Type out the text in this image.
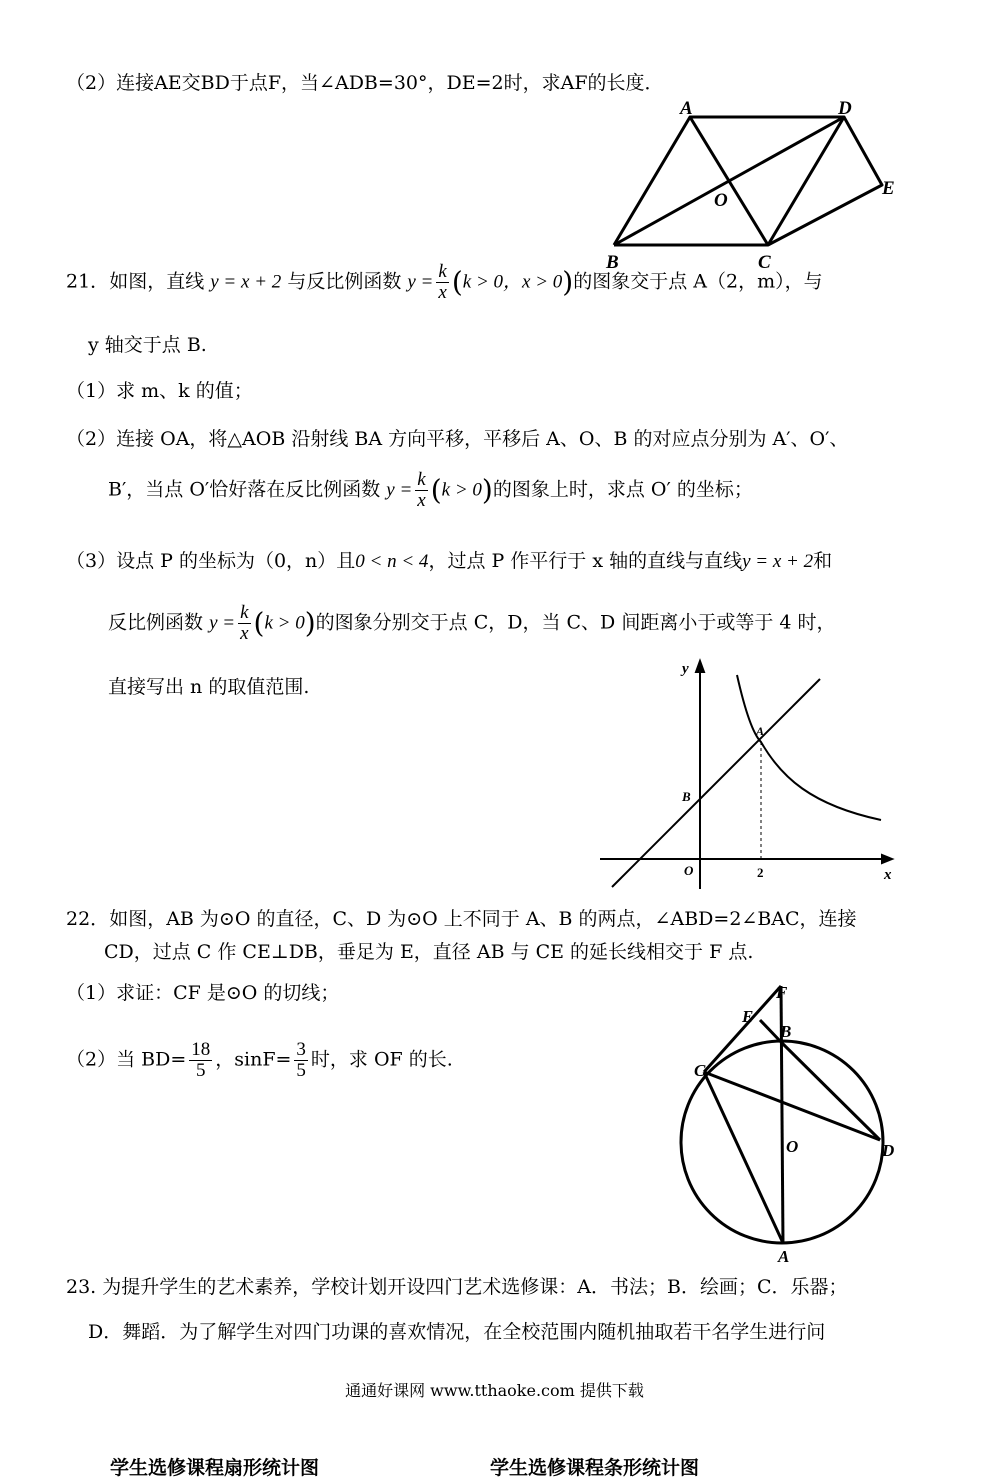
（2）连接AE交BD于点F，当∠ADB=30°，DE=2时，求AF的长度．
A	D
E
O
B	C
21．如图，直线 y = x + 2 与反比例函数 $y = \frac{k}{x} (k > 0$，x > 0)的图象交于点 A（2，m），与
y 轴交于点 B.
（1）求 m、k 的值；
（2）连接 OA，将△AOB 沿射线 BA 方向平移，平移后 A、O、B 的对应点分别为 A′、O′、
B′，当点 O′恰好落在反比例函数 $y = \frac{k}{x} (k > 0)$的图象上时，求点 O′ 的坐标；
（3）设点 P 的坐标为（0，n）且0 < n < 4，过点 P 作平行于 x 轴的直线与直线y = x + 2和
反比例函数 $y = \frac{k}{x} (k > 0)$的图象分别交于点 C，D，当 C、D 间距离小于或等于 4 时，
直接写出 n 的取值范围.
y
x
A
B
O	2
22．如图，AB 为⊙O 的直径，C、D 为⊙O 上不同于 A、B 的两点，∠ABD=2∠BAC，连接
CD，过点 C 作 CE⊥DB，垂足为 E，直径 AB 与 CE 的延长线相交于 F 点.
（1）求证：CF 是⊙O 的切线；
（2）当 $BD= \frac{18}{5}$ ，$\sin F= \frac{3}{5}$ 时，求 OF 的长.
F
E
B
C
O	D
A
23. 为提升学生的艺术素养，学校计划开设四门艺术选修课：A．书法；B．绘画；C．乐器；
D．舞蹈．为了解学生对四门功课的喜欢情况，在全校范围内随机抽取若干名学生进行问
通通好课网 www.tthaoke.com 提供下载
学生选修课程扇形统计图	学生选修课程条形统计图
